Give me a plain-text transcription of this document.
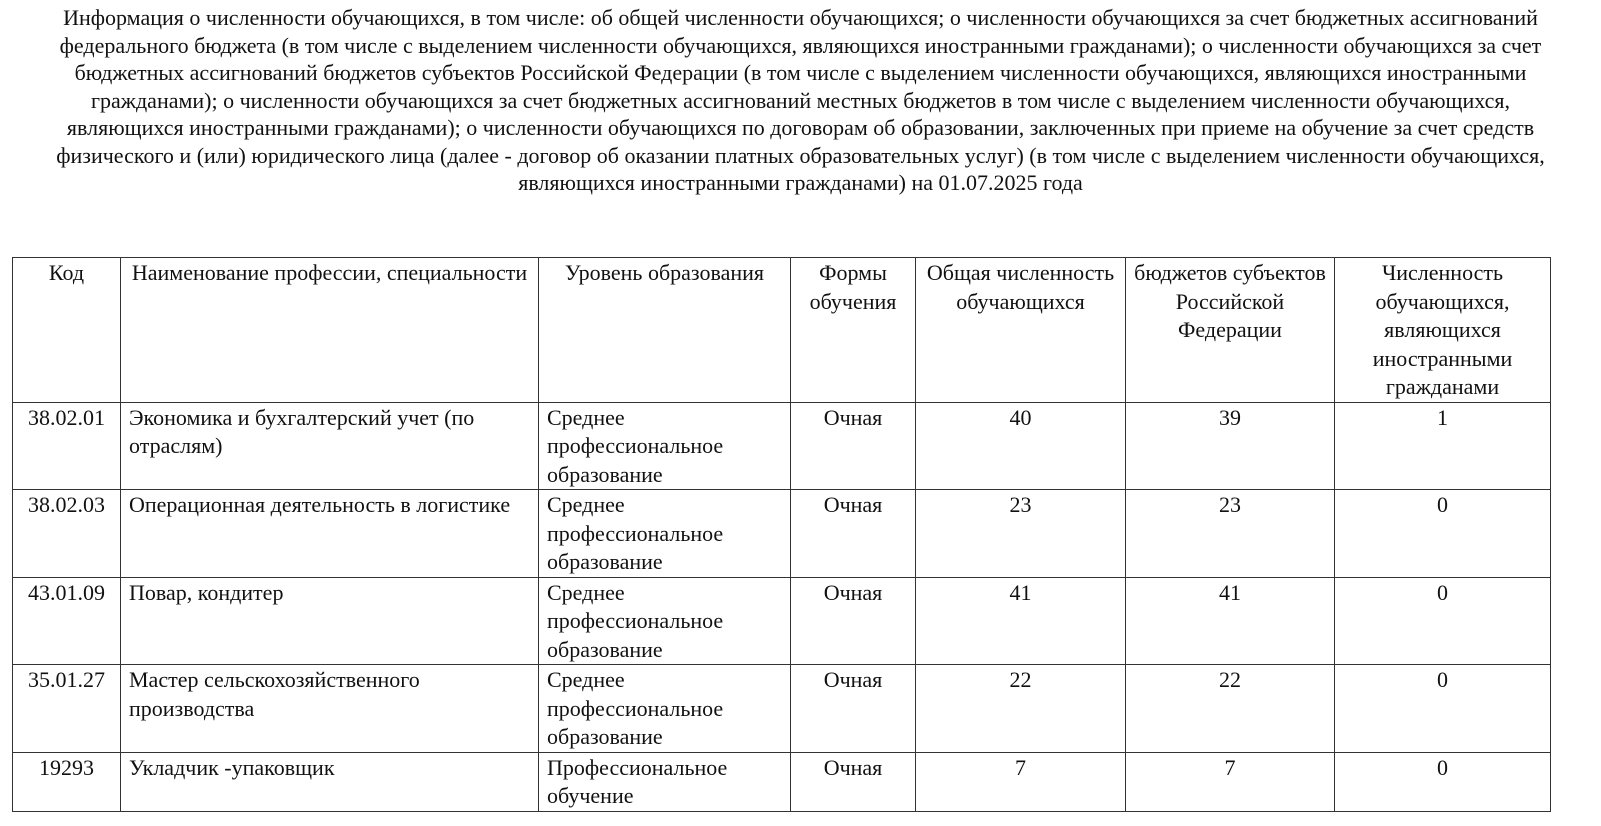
Информация о численности обучающихся, в том числе: об общей численности обучающихся; о численности обучающихся за счет бюджетных ассигнований федерального бюджета (в том числе с выделением численности обучающихся, являющихся иностранными гражданами); о численности обучающихся за счет бюджетных ассигнований бюджетов субъектов Российской Федерации (в том числе с выделением численности обучающихся, являющихся иностранными гражданами); о численности обучающихся за счет бюджетных ассигнований местных бюджетов в том числе с выделением численности обучающихся, являющихся иностранными гражданами); о численности обучающихся по договорам об образовании, заключенных при приеме на обучение за счет средств физического и (или) юридического лица (далее - договор об оказании платных образовательных услуг) (в том числе с выделением численности обучающихся, являющихся иностранными гражданами) на 01.07.2025 года
Код	Наименование профессии, специальности	Уровень образования	Формы обучения	Общая численность обучающихся	бюджетов субъектов Российской Федерации	Численность обучающихся, являющихся иностранными гражданами
38.02.01	Экономика и бухгалтерский учет (по отраслям)	Среднее профессиональное образование	Очная	40	39	1
38.02.03	Операционная деятельность в логистике	Среднее профессиональное образование	Очная	23	23	0
43.01.09	Повар, кондитер	Среднее профессиональное образование	Очная	41	41	0
35.01.27	Мастер сельскохозяйственного производства	Среднее профессиональное образование	Очная	22	22	0
19293	Укладчик -упаковщик	Профессиональное обучение	Очная	7	7	0
